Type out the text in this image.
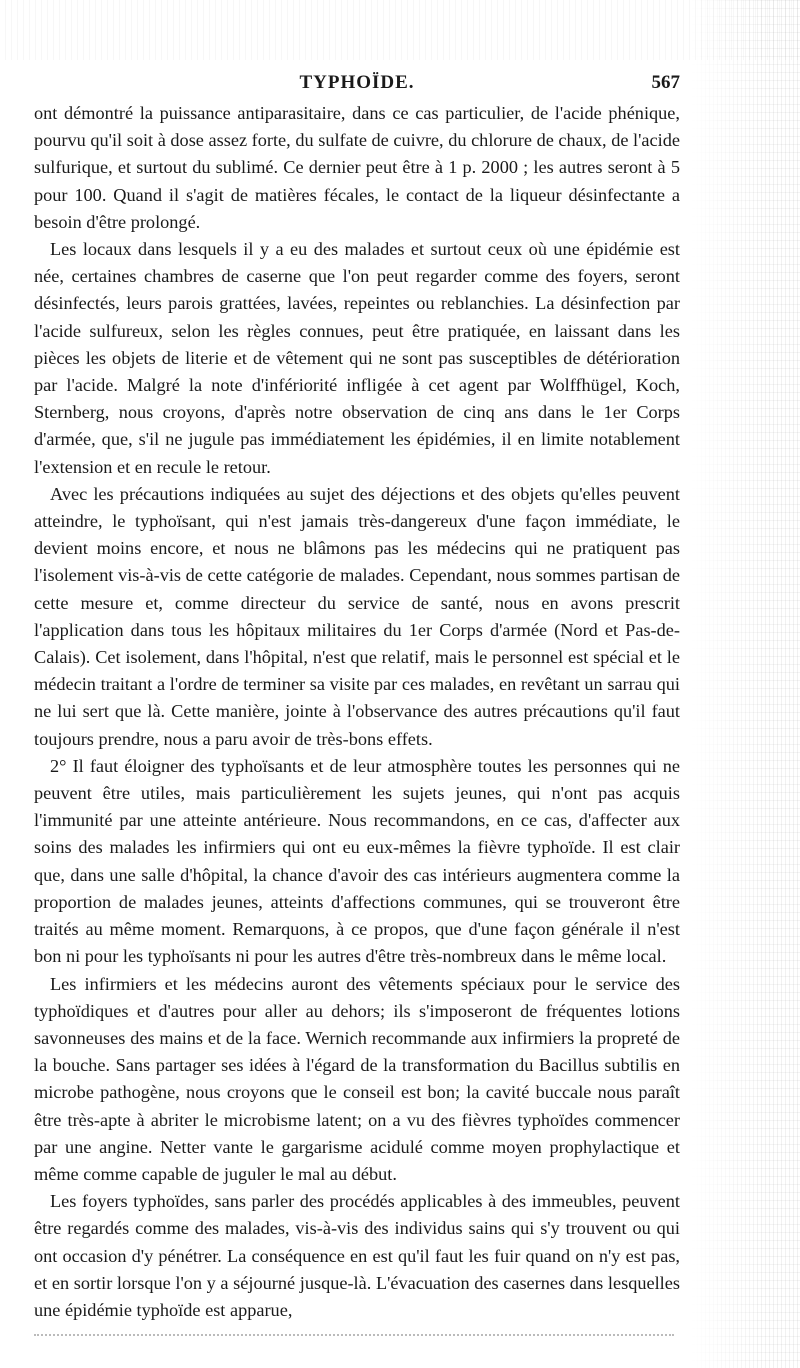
TYPHOÏDE.	567

ont démontré la puissance antiparasitaire, dans ce cas particulier, de l'acide phénique, pourvu qu'il soit à dose assez forte, du sulfate de cuivre, du chlorure de chaux, de l'acide sulfurique, et surtout du sublimé. Ce dernier peut être à 1 p. 2000 ; les autres seront à 5 pour 100. Quand il s'agit de matières fécales, le contact de la liqueur désinfectante a besoin d'être prolongé.

Les locaux dans lesquels il y a eu des malades et surtout ceux où une épidémie est née, certaines chambres de caserne que l'on peut regarder comme des foyers, seront désinfectés, leurs parois grattées, lavées, repeintes ou reblanchies. La désinfection par l'acide sulfureux, selon les règles connues, peut être pratiquée, en laissant dans les pièces les objets de literie et de vêtement qui ne sont pas susceptibles de détérioration par l'acide. Malgré la note d'infériorité infligée à cet agent par Wolffhügel, Koch, Sternberg, nous croyons, d'après notre observation de cinq ans dans le 1er Corps d'armée, que, s'il ne jugule pas immédiatement les épidémies, il en limite notablement l'extension et en recule le retour.

Avec les précautions indiquées au sujet des déjections et des objets qu'elles peuvent atteindre, le typhoïsant, qui n'est jamais très-dangereux d'une façon immédiate, le devient moins encore, et nous ne blâmons pas les médecins qui ne pratiquent pas l'isolement vis-à-vis de cette catégorie de malades. Cependant, nous sommes partisan de cette mesure et, comme directeur du service de santé, nous en avons prescrit l'application dans tous les hôpitaux militaires du 1er Corps d'armée (Nord et Pas-de-Calais). Cet isolement, dans l'hôpital, n'est que relatif, mais le personnel est spécial et le médecin traitant a l'ordre de terminer sa visite par ces malades, en revêtant un sarrau qui ne lui sert que là. Cette manière, jointe à l'observance des autres précautions qu'il faut toujours prendre, nous a paru avoir de très-bons effets.

2° Il faut éloigner des typhoïsants et de leur atmosphère toutes les personnes qui ne peuvent être utiles, mais particulièrement les sujets jeunes, qui n'ont pas acquis l'immunité par une atteinte antérieure. Nous recommandons, en ce cas, d'affecter aux soins des malades les infirmiers qui ont eu eux-mêmes la fièvre typhoïde. Il est clair que, dans une salle d'hôpital, la chance d'avoir des cas intérieurs augmentera comme la proportion de malades jeunes, atteints d'affections communes, qui se trouveront être traités au même moment. Remarquons, à ce propos, que d'une façon générale il n'est bon ni pour les typhoïsants ni pour les autres d'être très-nombreux dans le même local.

Les infirmiers et les médecins auront des vêtements spéciaux pour le service des typhoïdiques et d'autres pour aller au dehors; ils s'imposeront de fréquentes lotions savonneuses des mains et de la face. Wernich recommande aux infirmiers la propreté de la bouche. Sans partager ses idées à l'égard de la transformation du Bacillus subtilis en microbe pathogène, nous croyons que le conseil est bon; la cavité buccale nous paraît être très-apte à abriter le microbisme latent; on a vu des fièvres typhoïdes commencer par une angine. Netter vante le gargarisme acidulé comme moyen prophylactique et même comme capable de juguler le mal au début.

Les foyers typhoïdes, sans parler des procédés applicables à des immeubles, peuvent être regardés comme des malades, vis-à-vis des individus sains qui s'y trouvent ou qui ont occasion d'y pénétrer. La conséquence en est qu'il faut les fuir quand on n'y est pas, et en sortir lorsque l'on y a séjourné jusque-là. L'évacuation des casernes dans lesquelles une épidémie typhoïde est apparue,
